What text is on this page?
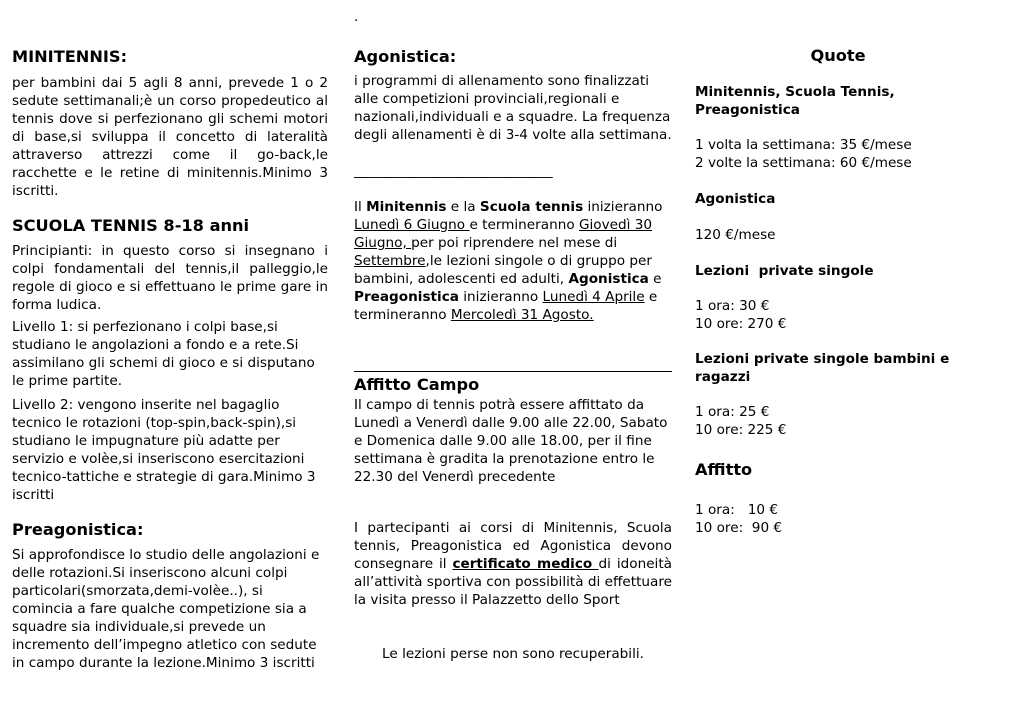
MINITENNIS:

per bambini dai 5 agli 8 anni, prevede 1 o 2 sedute settimanali;è un corso propedeutico al tennis dove si perfezionano gli schemi motori di base,si sviluppa il concetto di lateralità attraverso attrezzi come il go-back,le racchette e le retine di minitennis.Minimo 3 iscritti.

SCUOLA TENNIS 8-18 anni

Principianti: in questo corso si insegnano i colpi fondamentali del tennis,il palleggio,le regole di gioco e si effettuano le prime gare in forma ludica.

Livello 1: si perfezionano i colpi base,si studiano le angolazioni a fondo e a rete.Si assimilano gli schemi di gioco e si disputano le prime partite.

Livello 2: vengono inserite nel bagaglio tecnico le rotazioni (top-spin,back-spin),si studiano le impugnature più adatte per servizio e volèe,si inseriscono esercitazioni tecnico-tattiche e strategie di gara.Minimo 3 iscritti

Preagonistica:

Si approfondisce lo studio delle angolazioni e delle rotazioni.Si inseriscono alcuni colpi particolari(smorzata,demi-volèe..), si comincia a fare qualche competizione sia a squadre sia individuale,si prevede un incremento dell’impegno atletico con sedute in campo durante la lezione.Minimo 3 iscritti

.

Agonistica:

i programmi di allenamento sono finalizzati alle competizioni provinciali,regionali e nazionali,individuali e a squadre. La frequenza degli allenamenti è di 3-4 volte alla settimana.

_________________________________

Il Minitennis e la Scuola tennis inizieranno Lunedì 6 Giugno e termineranno Giovedì 30 Giugno, per poi riprendere nel mese di Settembre,le lezioni singole o di gruppo per bambini, adolescenti ed adulti, Agonistica e Preagonistica inizieranno Lunedì 4 Aprile e termineranno Mercoledì 31 Agosto.

Affitto Campo

Il campo di tennis potrà essere affittato da Lunedì a Venerdì dalle 9.00 alle 22.00, Sabato e Domenica dalle 9.00 alle 18.00, per il fine settimana è gradita la prenotazione entro le 22.30 del Venerdì precedente

I partecipanti ai corsi di Minitennis, Scuola tennis, Preagonistica ed Agonistica devono consegnare il certificato medico di idoneità all’attività sportiva con possibilità di effettuare la visita presso il Palazzetto dello Sport

Le lezioni perse non sono recuperabili.

Quote

Minitennis, Scuola Tennis, Preagonistica

1 volta la settimana: 35 €/mese

2 volte la settimana: 60 €/mese

Agonistica

120 €/mese

Lezioni  private singole

1 ora: 30 €

10 ore: 270 €

Lezioni private singole bambini e ragazzi

1 ora: 25 €

10 ore: 225 €

Affitto

1 ora:   10 €

10 ore:  90 €
